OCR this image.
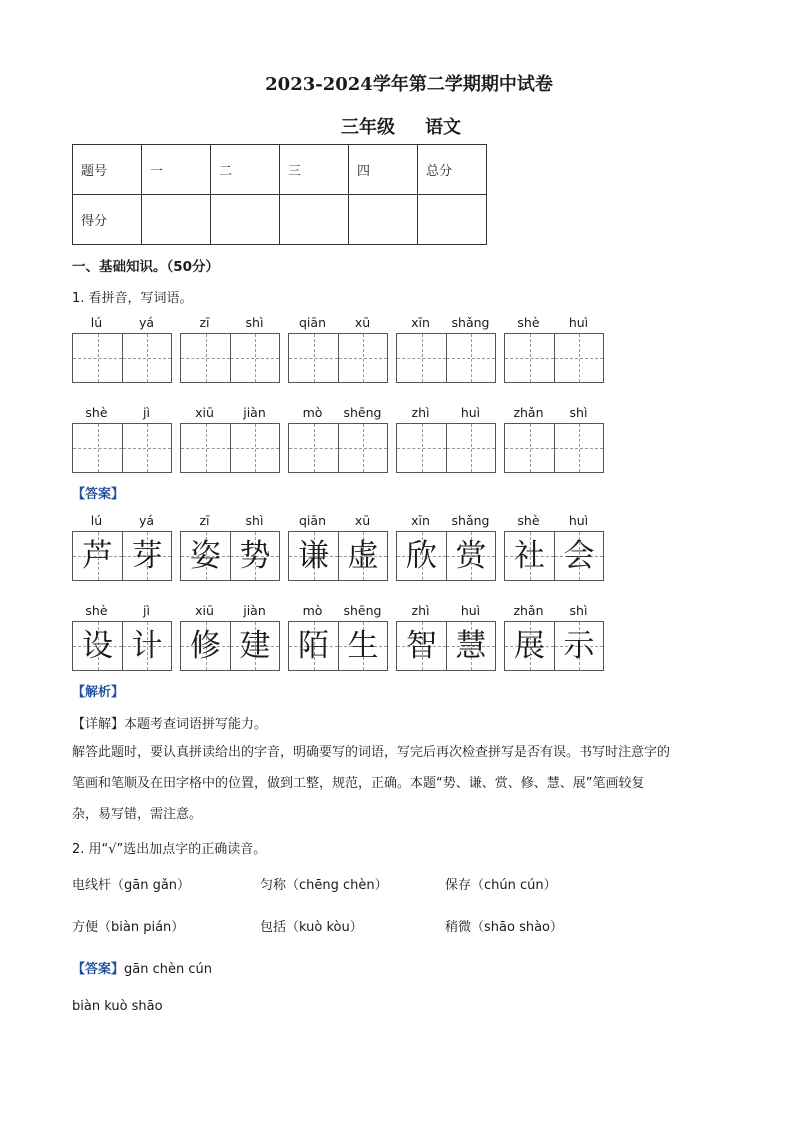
2023-2024学年第二学期期中试卷
三年级 语文
题号	一	二	三	四	总分
得分					
一、基础知识。（50分）
1. 看拼音，写词语。
lú	yá	zī	shì	qiān	xū	xīn	shǎng	shè	huì
shè	jì	xiū	jiàn	mò	shēng	zhì	huì	zhǎn	shì
【答案】
lú	yá
芦 芽
zī	shì
姿 势
qiān	xū
谦 虚
xīn	shǎng
欣 赏
shè	huì
社 会
shè	jì
设 计
xiū	jiàn
修 建
mò	shēng
陌 生
zhì	huì
智 慧
zhǎn	shì
展 示
【解析】
【详解】本题考查词语拼写能力。
解答此题时，要认真拼读给出的字音，明确要写的词语，写完后再次检查拼写是否有误。书写时注意字的
笔画和笔顺及在田字格中的位置，做到工整，规范，正确。本题“势、谦、赏、修、慧、展”笔画较复
杂，易写错，需注意。
2. 用“√”选出加点字的正确读音。
电线杆（gān gǎn）	匀称（chēng chèn）	保存（chún cún）
方便（biàn pián）	包括（kuò kòu）	稍微（shāo shào）
【答案】gān chèn cún
biàn kuò shāo
